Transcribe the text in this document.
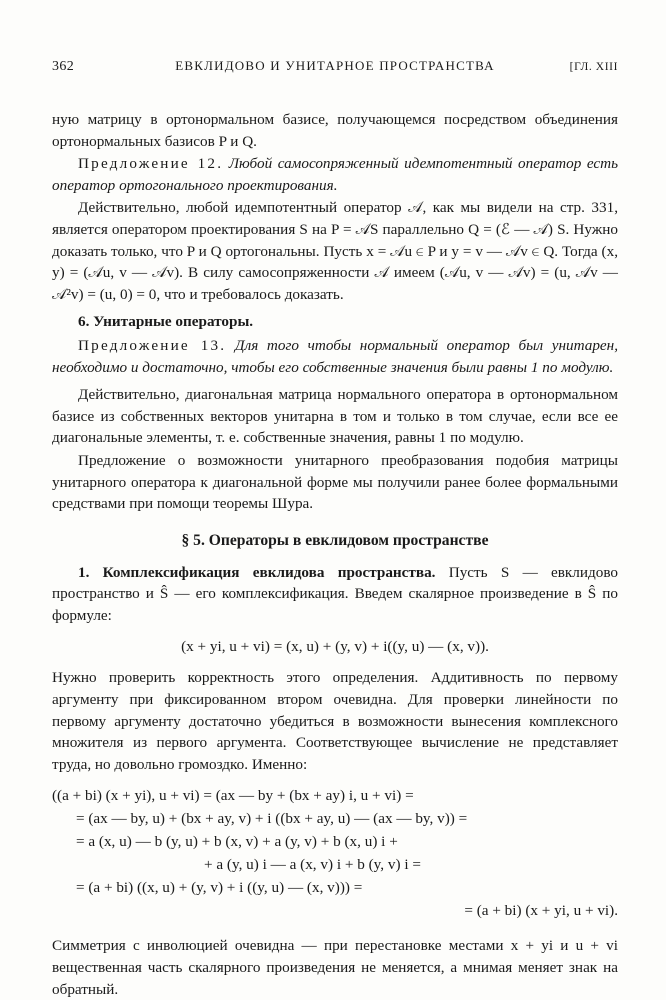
362	ЕВКЛИДОВО И УНИТАРНОЕ ПРОСТРАНСТВА	[ГЛ. XIII

ную матрицу в ортонормальном базисе, получающемся посредством объединения ортонормальных базисов P и Q.

Предложение 12. Любой самосопряженный идемпотентный оператор есть оператор ортогонального проектирования.

Действительно, любой идемпотентный оператор 𝒜, как мы видели на стр. 331, является оператором проектирования S на P = 𝒜S параллельно Q = (ℰ — 𝒜) S. Нужно доказать только, что P и Q ортогональны. Пусть x = 𝒜u ∈ P и y = v — 𝒜v ∈ Q. Тогда (x, y) = (𝒜u, v — 𝒜v). В силу самосопряженности 𝒜 имеем (𝒜u, v — 𝒜v) = (u, 𝒜v — 𝒜²v) = (u, 0) = 0, что и требовалось доказать.

6. Унитарные операторы.

Предложение 13. Для того чтобы нормальный оператор был унитарен, необходимо и достаточно, чтобы его собственные значения были равны 1 по модулю.

Действительно, диагональная матрица нормального оператора в ортонормальном базисе из собственных векторов унитарна в том и только в том случае, если все ее диагональные элементы, т. е. собственные значения, равны 1 по модулю.

Предложение о возможности унитарного преобразования подобия матрицы унитарного оператора к диагональной форме мы получили ранее более формальными средствами при помощи теоремы Шура.

§ 5. Операторы в евклидовом пространстве

1. Комплексификация евклидова пространства. Пусть S — евклидово пространство и Ŝ — его комплексификация. Введем скалярное произведение в Ŝ по формуле:

(x + yi, u + vi) = (x, u) + (y, v) + i((y, u) — (x, v)).

Нужно проверить корректность этого определения. Аддитивность по первому аргументу при фиксированном втором очевидна. Для проверки линейности по первому аргументу достаточно убедиться в возможности вынесения комплексного множителя из первого аргумента. Соответствующее вычисление не представляет труда, но довольно громоздко. Именно:

((a + bi) (x + yi), u + vi) = (ax — by + (bx + ay) i, u + vi) =
= (ax — by, u) + (bx + ay, v) + i ((bx + ay, u) — (ax — by, v)) =
= a (x, u) — b (y, u) + b (x, v) + a (y, v) + b (x, u) i +
+ a (y, u) i — a (x, v) i + b (y, v) i =
= (a + bi) ((x, u) + (y, v) + i ((y, u) — (x, v))) =
= (a + bi) (x + yi, u + vi).

Симметрия с инволюцией очевидна — при перестановке местами x + yi и u + vi вещественная часть скалярного произведения не меняется, а мнимая меняет знак на обратный.
